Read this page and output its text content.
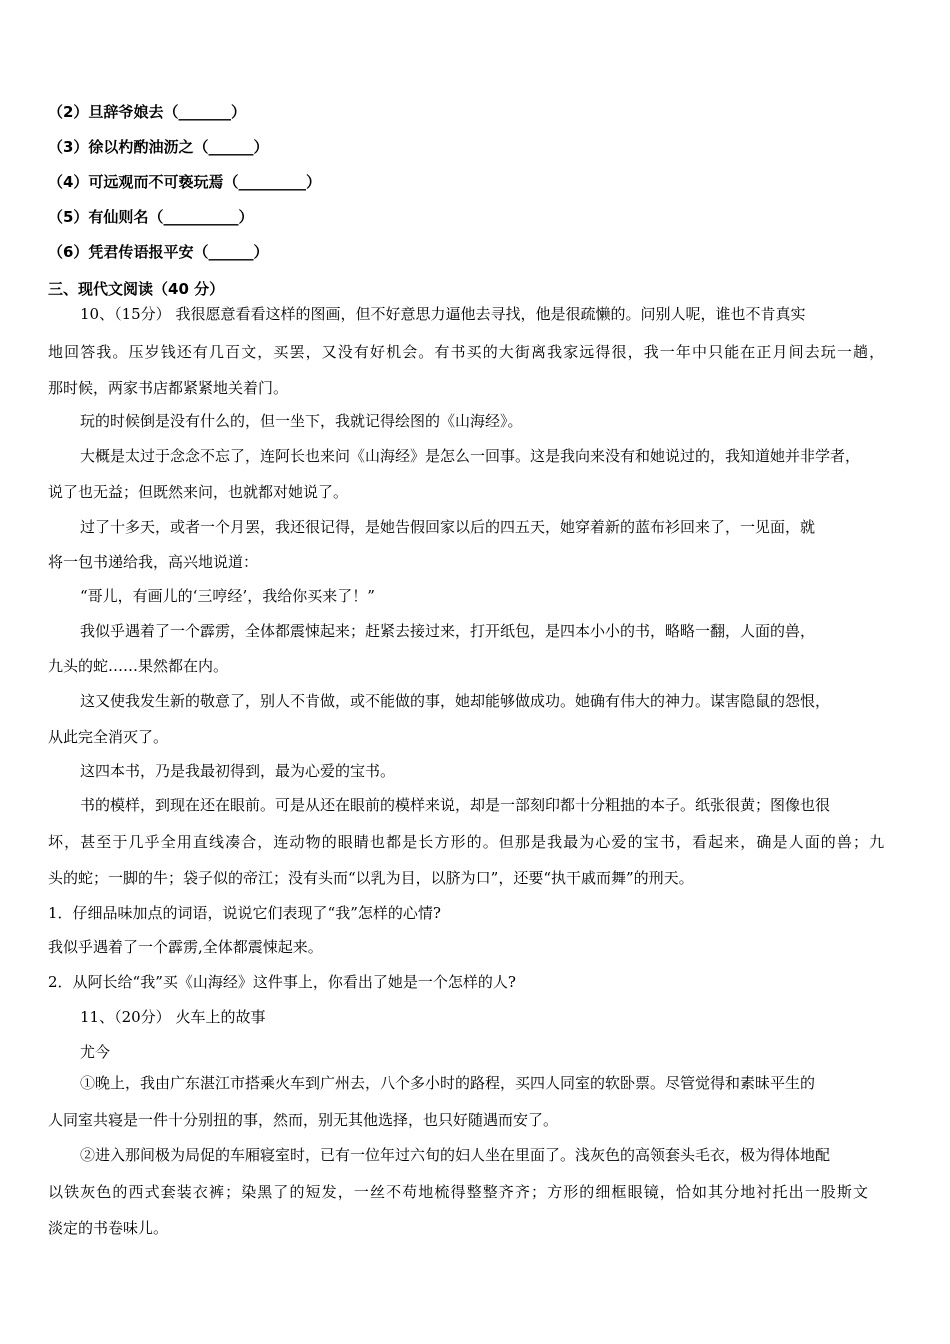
（2）旦辞爷娘去（_______）
（3）徐以杓酌油沥之（______）
（4）可远观而不可亵玩焉（_________）
（5）有仙则名（__________）
（6）凭君传语报平安（______）
三、现代文阅读（40 分）
10、（15分） 我很愿意看看这样的图画，但不好意思力逼他去寻找，他是很疏懒的。问别人呢，谁也不肯真实
地回答我。压岁钱还有几百文，买罢，又没有好机会。有书买的大街离我家远得很，我一年中只能在正月间去玩一趟，
那时候，两家书店都紧紧地关着门。
玩的时候倒是没有什么的，但一坐下，我就记得绘图的《山海经》。
大概是太过于念念不忘了，连阿长也来问《山海经》是怎么一回事。这是我向来没有和她说过的，我知道她并非学者，
说了也无益；但既然来问，也就都对她说了。
过了十多天，或者一个月罢，我还很记得，是她告假回家以后的四五天，她穿着新的蓝布衫回来了，一见面，就
将一包书递给我，高兴地说道：
“哥儿，有画儿的‘三哼经’，我给你买来了！”
我似乎遇着了一个霹雳，全体都震悚起来；赶紧去接过来，打开纸包，是四本小小的书，略略一翻，人面的兽，
九头的蛇……果然都在内。
这又使我发生新的敬意了，别人不肯做，或不能做的事，她却能够做成功。她确有伟大的神力。谋害隐鼠的怨恨，
从此完全消灭了。
这四本书，乃是我最初得到，最为心爱的宝书。
书的模样，到现在还在眼前。可是从还在眼前的模样来说，却是一部刻印都十分粗拙的本子。纸张很黄；图像也很
坏，甚至于几乎全用直线凑合，连动物的眼睛也都是长方形的。但那是我最为心爱的宝书，看起来，确是人面的兽；九
头的蛇；一脚的牛；袋子似的帝江；没有头而“以乳为目，以脐为口”，还要“执干戚而舞”的刑天。
1．仔细品味加点的词语，说说它们表现了“我”怎样的心情?
我似乎遇着了一个霹雳,全体都震悚起来。
2．从阿长给“我”买《山海经》这件事上，你看出了她是一个怎样的人?
11、（20分） 火车上的故事
尤今
①晚上，我由广东湛江市搭乘火车到广州去，八个多小时的路程，买四人同室的软卧票。尽管觉得和素昧平生的
人同室共寝是一件十分别扭的事，然而，别无其他选择，也只好随遇而安了。
②进入那间极为局促的车厢寝室时，已有一位年过六旬的妇人坐在里面了。浅灰色的高领套头毛衣，极为得体地配
以铁灰色的西式套装衣裤；染黑了的短发，一丝不苟地梳得整整齐齐；方形的细框眼镜，恰如其分地衬托出一股斯文
淡定的书卷味儿。
